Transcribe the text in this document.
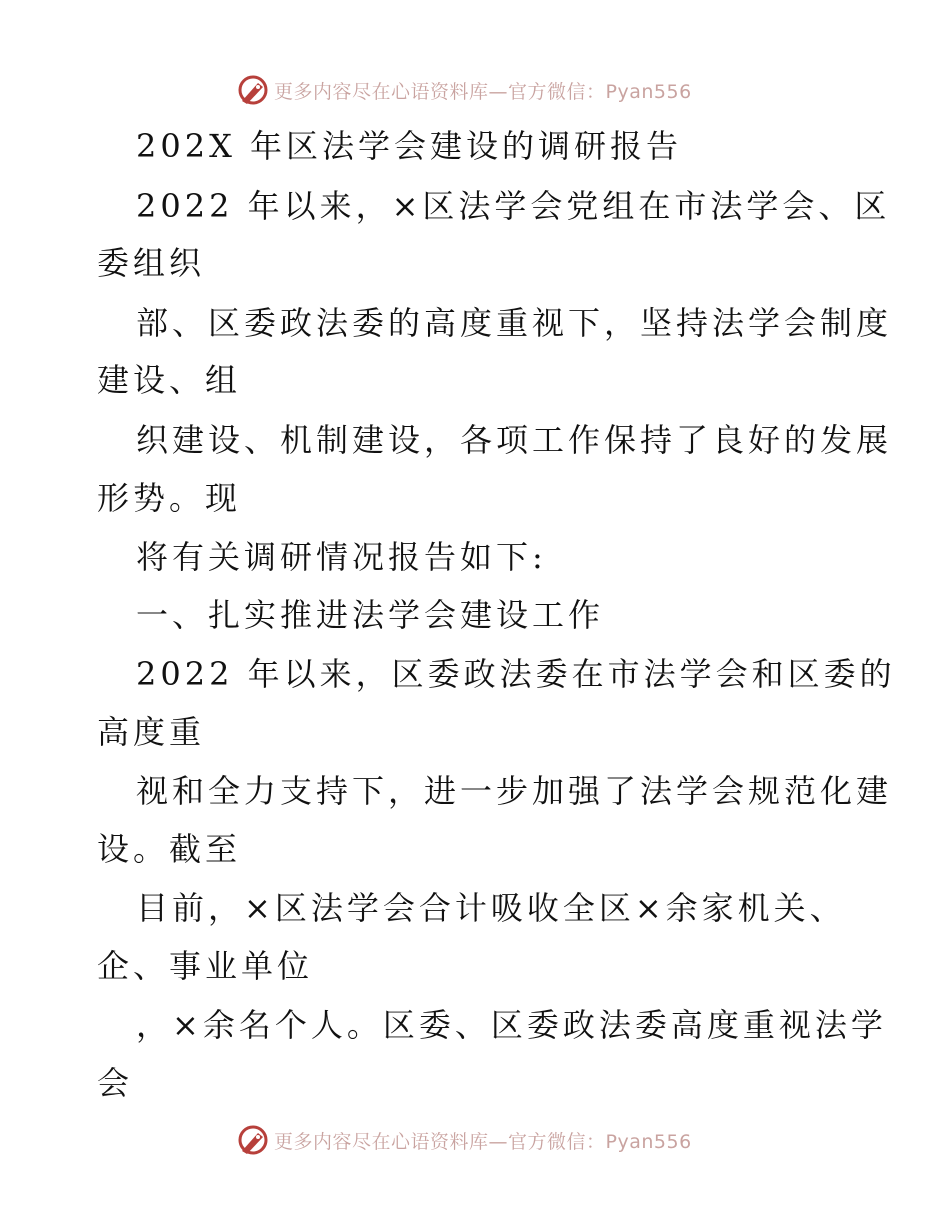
更多内容尽在心语资料库—官方微信：Pyan556
202X 年区法学会建设的调研报告
2022 年以来，×区法学会党组在市法学会、区
委组织
部、区委政法委的高度重视下，坚持法学会制度
建设、组
织建设、机制建设，各项工作保持了良好的发展
形势。现
将有关调研情况报告如下:
一、扎实推进法学会建设工作
2022 年以来，区委政法委在市法学会和区委的
高度重
视和全力支持下，进一步加强了法学会规范化建
设。截至
目前，×区法学会合计吸收全区×余家机关、
企、事业单位
，×余名个人。区委、区委政法委高度重视法学
会
更多内容尽在心语资料库—官方微信：Pyan556
